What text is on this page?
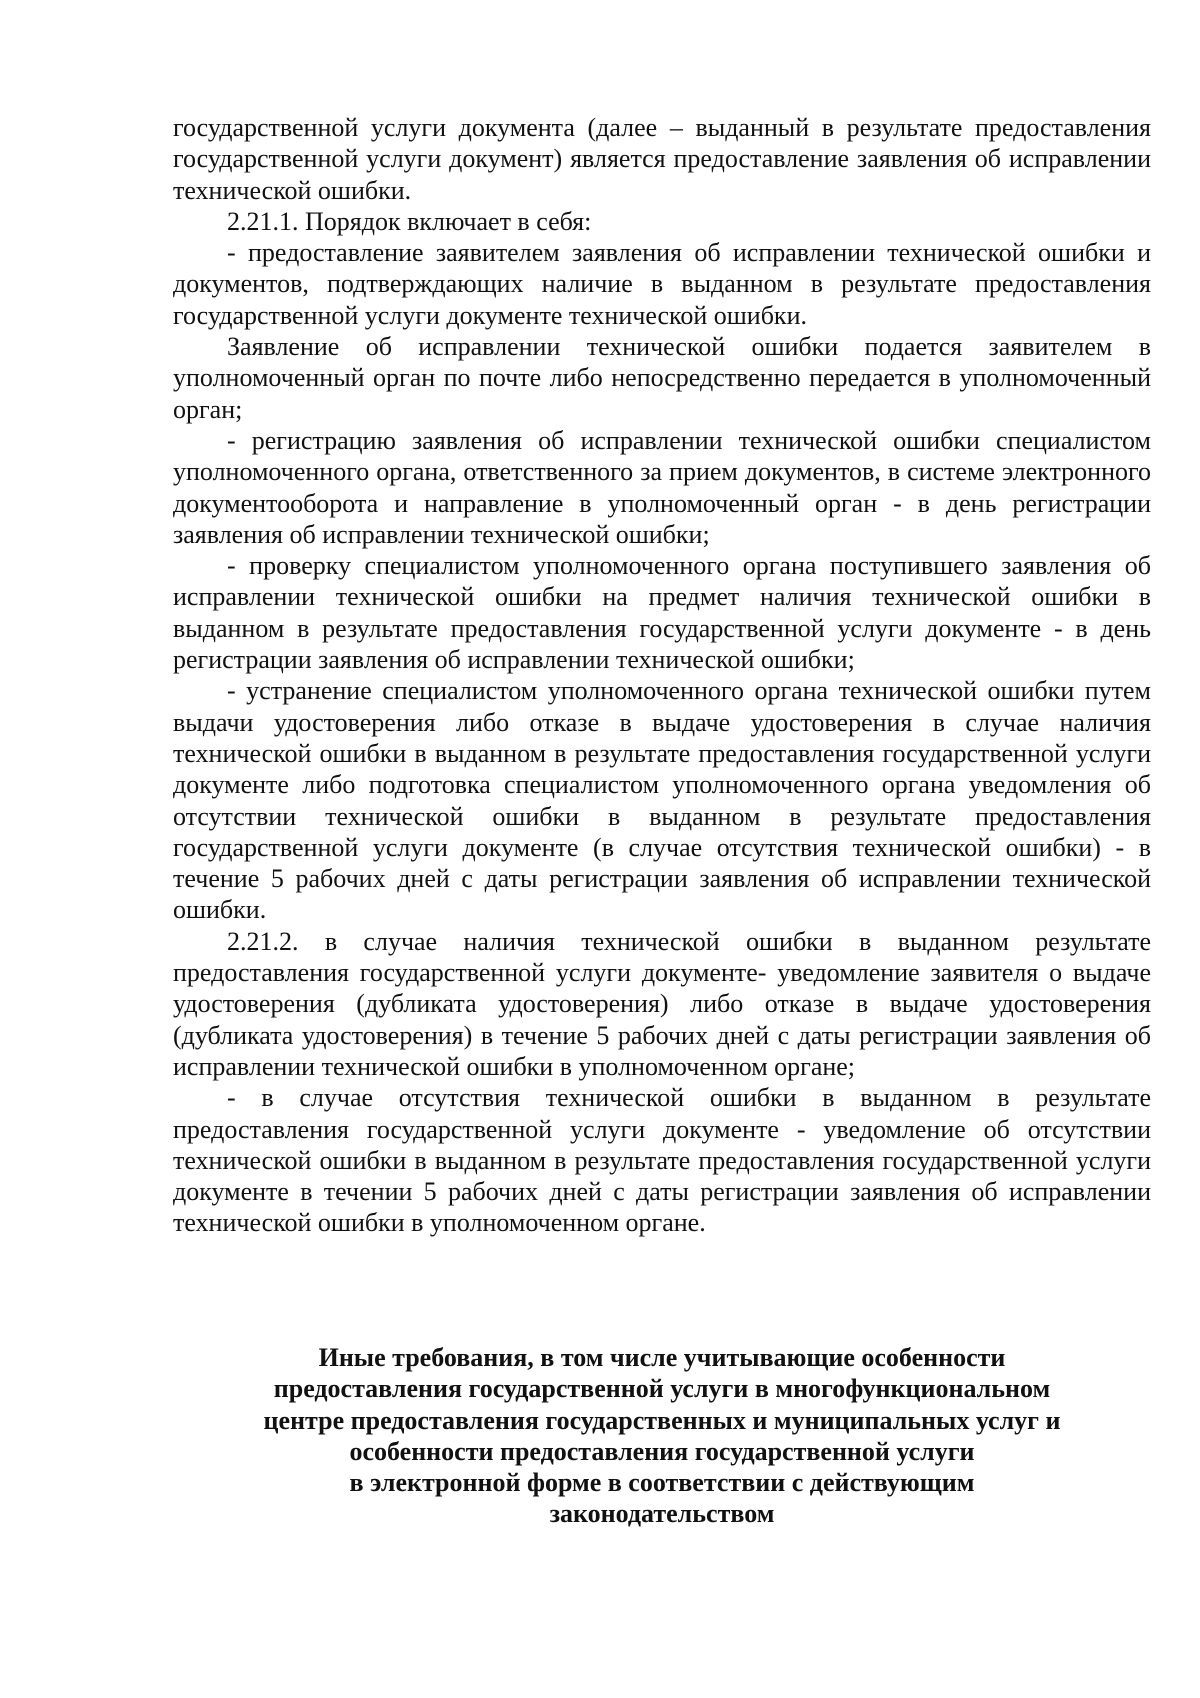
государственной услуги документа (далее – выданный в результате предоставления государственной услуги документ) является предоставление заявления об исправлении технической ошибки.

2.21.1. Порядок включает в себя:

- предоставление заявителем заявления об исправлении технической ошибки и документов, подтверждающих наличие в выданном в результате предоставления государственной услуги документе технической ошибки.

Заявление об исправлении технической ошибки подается заявителем в уполномоченный орган по почте либо непосредственно передается в уполномоченный орган;

- регистрацию заявления об исправлении технической ошибки специалистом уполномоченного органа, ответственного за прием документов, в системе электронного документооборота и направление в уполномоченный орган - в день регистрации заявления об исправлении технической ошибки;

- проверку специалистом уполномоченного органа поступившего заявления об исправлении технической ошибки на предмет наличия технической ошибки в выданном в результате предоставления государственной услуги документе - в день регистрации заявления об исправлении технической ошибки;

- устранение специалистом уполномоченного органа технической ошибки путем выдачи удостоверения либо отказе в выдаче удостоверения в случае наличия технической ошибки в выданном в результате предоставления государственной услуги документе либо подготовка специалистом уполномоченного органа уведомления об отсутствии технической ошибки в выданном в результате предоставления государственной услуги документе (в случае отсутствия технической ошибки) - в течение 5 рабочих дней с даты регистрации заявления об исправлении технической ошибки.

2.21.2. в случае наличия технической ошибки в выданном результате предоставления государственной услуги документе- уведомление заявителя о выдаче удостоверения (дубликата удостоверения) либо отказе в выдаче удостоверения (дубликата удостоверения) в течение 5 рабочих дней с даты регистрации заявления об исправлении технической ошибки в уполномоченном органе;

- в случае отсутствия технической ошибки в выданном в результате предоставления государственной услуги документе - уведомление об отсутствии технической ошибки в выданном в результате предоставления государственной услуги документе в течении 5 рабочих дней с даты регистрации заявления об исправлении технической ошибки в уполномоченном органе.

Иные требования, в том числе учитывающие особенности
предоставления государственной услуги в многофункциональном
центре предоставления государственных и муниципальных услуг и
особенности предоставления государственной услуги
в электронной форме в соответствии с действующим
законодательством
